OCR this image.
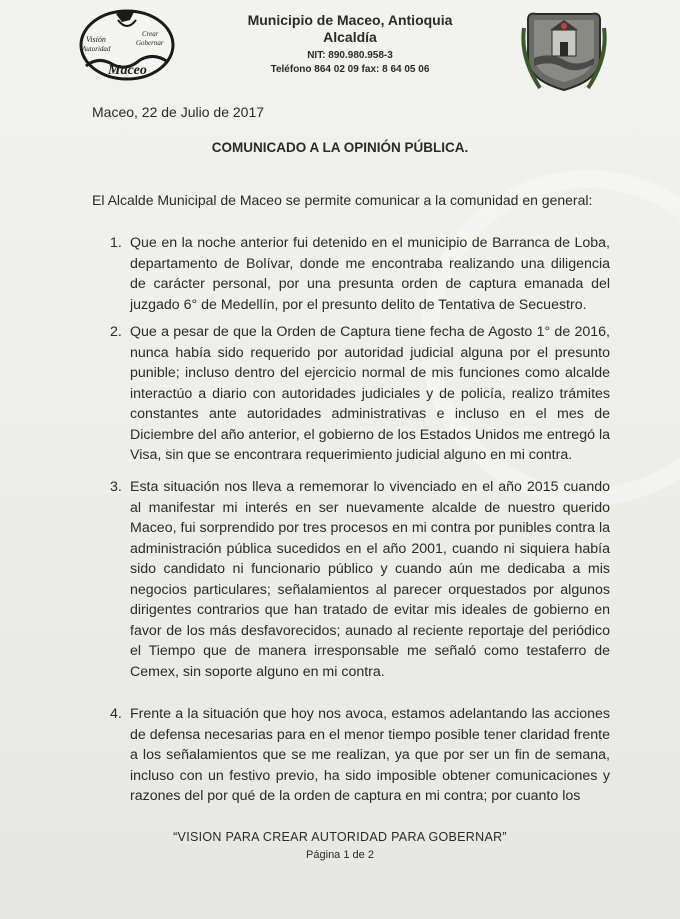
Visión
Autoridad
Crear
Gobernar
Maceo
Municipio de Maceo, Antioquia
Alcaldía
NIT: 890.980.958-3
Teléfono 864 02 09 fax: 8 64 05 06
Maceo, 22 de Julio de 2017
COMUNICADO A LA OPINIÓN PÚBLICA.
El Alcalde Municipal de Maceo se permite comunicar a la comunidad en general:
1. Que en la noche anterior fui detenido en el municipio de Barranca de Loba, departamento de Bolívar, donde me encontraba realizando una diligencia de carácter personal, por una presunta orden de captura emanada del juzgado 6° de Medellín, por el presunto delito de Tentativa de Secuestro.
2. Que a pesar de que la Orden de Captura tiene fecha de Agosto 1° de 2016, nunca había sido requerido por autoridad judicial alguna por el presunto punible; incluso dentro del ejercicio normal de mis funciones como alcalde interactúo a diario con autoridades judiciales y de policía, realizo trámites constantes ante autoridades administrativas e incluso en el mes de Diciembre del año anterior, el gobierno de los Estados Unidos me entregó la Visa, sin que se encontrara requerimiento judicial alguno en mi contra.
3. Esta situación nos lleva a rememorar lo vivenciado en el año 2015 cuando al manifestar mi interés en ser nuevamente alcalde de nuestro querido Maceo, fui sorprendido por tres procesos en mi contra por punibles contra la administración pública sucedidos en el año 2001, cuando ni siquiera había sido candidato ni funcionario público y cuando aún me dedicaba a mis negocios particulares; señalamientos al parecer orquestados por algunos dirigentes contrarios que han tratado de evitar mis ideales de gobierno en favor de los más desfavorecidos; aunado al reciente reportaje del periódico el Tiempo que de manera irresponsable me señaló como testaferro de Cemex, sin soporte alguno en mi contra.
4. Frente a la situación que hoy nos avoca, estamos adelantando las acciones de defensa necesarias para en el menor tiempo posible tener claridad frente a los señalamientos que se me realizan, ya que por ser un fin de semana, incluso con un festivo previo, ha sido imposible obtener comunicaciones y razones del por qué de la orden de captura en mi contra; por cuanto los
“VISION PARA CREAR AUTORIDAD PARA GOBERNAR”
Página 1 de 2
